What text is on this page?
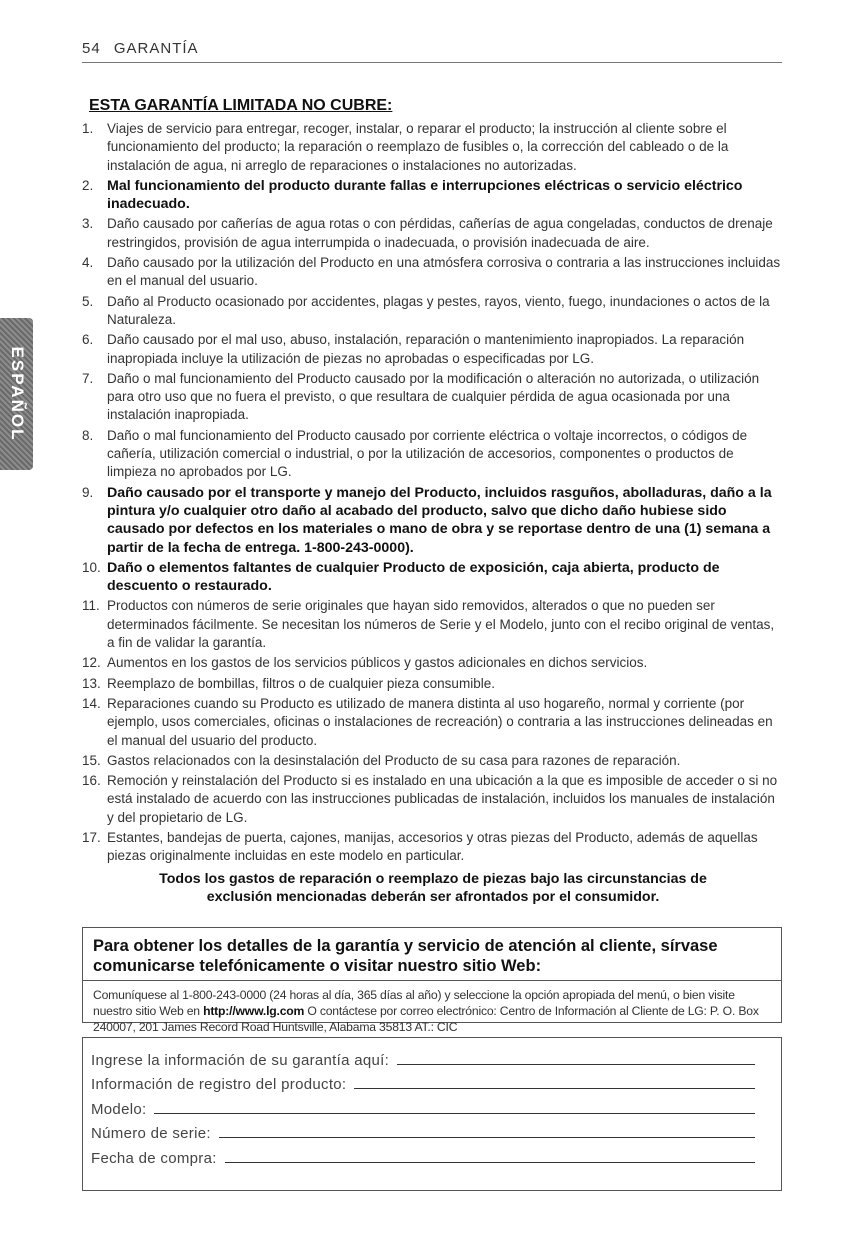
54 GARANTÍA
ESPAÑOL
ESTA GARANTÍA LIMITADA NO CUBRE:
1.	Viajes de servicio para entregar, recoger, instalar, o reparar el producto; la instrucción al cliente sobre el funcionamiento del producto; la reparación o reemplazo de fusibles o, la corrección del cableado o de la instalación de agua, ni arreglo de reparaciones o instalaciones no autorizadas.
2. Mal funcionamiento del producto durante fallas e interrupciones eléctricas o servicio eléctrico inadecuado.
3.	Daño causado por cañerías de agua rotas o con pérdidas, cañerías de agua congeladas, conductos de drenaje restringidos, provisión de agua interrumpida o inadecuada, o provisión inadecuada de aire.
4.	Daño causado por la utilización del Producto en una atmósfera corrosiva o contraria a las instrucciones incluidas en el manual del usuario.
5.	Daño al Producto ocasionado por accidentes, plagas y pestes, rayos, viento, fuego, inundaciones o actos de la Naturaleza.
6.	Daño causado por el mal uso, abuso, instalación, reparación o mantenimiento inapropiados. La reparación inapropiada incluye la utilización de piezas no aprobadas o especificadas por LG.
7.	Daño o mal funcionamiento del Producto causado por la modificación o alteración no autorizada, o utilización para otro uso que no fuera el previsto, o que resultara de cualquier pérdida de agua ocasionada por una instalación inapropiada.
8.	Daño o mal funcionamiento del Producto causado por corriente eléctrica o voltaje incorrectos, o códigos de cañería, utilización comercial o industrial, o por la utilización de accesorios, componentes o productos de limpieza no aprobados por LG.
9. Daño causado por el transporte y manejo del Producto, incluidos rasguños, abolladuras, daño a la pintura y/o cualquier otro daño al acabado del producto, salvo que dicho daño hubiese sido causado por defectos en los materiales o mano de obra y se reportase dentro de una (1) semana a partir de la fecha de entrega. 1-800-243-0000).
10. Daño o elementos faltantes de cualquier Producto de exposición, caja abierta, producto de descuento o restaurado.
11. Productos con números de serie originales que hayan sido removidos, alterados o que no pueden ser determinados fácilmente. Se necesitan los números de Serie y el Modelo, junto con el recibo original de ventas, a fin de validar la garantía.
12. Aumentos en los gastos de los servicios públicos y gastos adicionales en dichos servicios.
13. Reemplazo de bombillas, filtros o de cualquier pieza consumible.
14. Reparaciones cuando su Producto es utilizado de manera distinta al uso hogareño, normal y corriente (por ejemplo, usos comerciales, oficinas o instalaciones de recreación) o contraria a las instrucciones delineadas en el manual del usuario del producto.
15. Gastos relacionados con la desinstalación del Producto de su casa para razones de reparación.
16. Remoción y reinstalación del Producto si es instalado en una ubicación a la que es imposible de acceder o si no está instalado de acuerdo con las instrucciones publicadas de instalación, incluidos los manuales de instalación y del propietario de LG.
17. Estantes, bandejas de puerta, cajones, manijas, accesorios y otras piezas del Producto, además de aquellas piezas originalmente incluidas en este modelo en particular.
Todos los gastos de reparación o reemplazo de piezas bajo las circunstancias de exclusión mencionadas deberán ser afrontados por el consumidor.
Para obtener los detalles de la garantía y servicio de atención al cliente, sírvase comunicarse telefónicamente o visitar nuestro sitio Web:
Comuníquese al 1-800-243-0000 (24 horas al día, 365 días al año) y seleccione la opción apropiada del menú, o bien visite nuestro sitio Web en http://www.lg.com O contáctese por correo electrónico: Centro de Información al Cliente de LG: P. O. Box 240007, 201 James Record Road Huntsville, Alabama 35813 AT.: CIC
Ingrese la información de su garantía aquí:
Información de registro del producto:
Modelo:
Número de serie:
Fecha de compra:
